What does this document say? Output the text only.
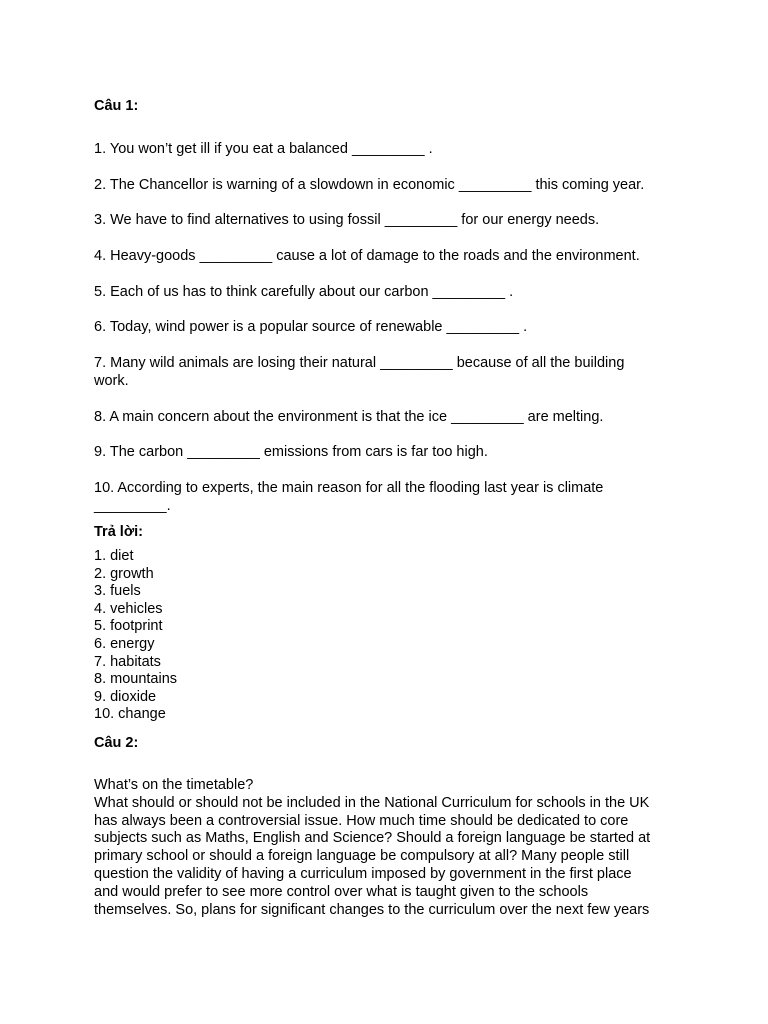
Câu 1:
1. You won’t get ill if you eat a balanced _________ .
2. The Chancellor is warning of a slowdown in economic _________ this coming year.
3. We have to find alternatives to using fossil _________ for our energy needs.
4. Heavy-goods _________ cause a lot of damage to the roads and the environment.
5. Each of us has to think carefully about our carbon _________ .
6. Today, wind power is a popular source of renewable _________ .
7. Many wild animals are losing their natural _________ because of all the building work.
8. A main concern about the environment is that the ice _________ are melting.
9. The carbon _________ emissions from cars is far too high.
10. According to experts, the main reason for all the flooding last year is climate _________.
Trả lời:
1. diet
2. growth
3. fuels
4. vehicles
5. footprint
6. energy
7. habitats
8. mountains
9. dioxide
10. change
Câu 2:
What’s on the timetable?
What should or should not be included in the National Curriculum for schools in the UK
has always been a controversial issue. How much time should be dedicated to core
subjects such as Maths, English and Science? Should a foreign language be started at
primary school or should a foreign language be compulsory at all? Many people still
question the validity of having a curriculum imposed by government in the first place
and would prefer to see more control over what is taught given to the schools
themselves. So, plans for significant changes to the curriculum over the next few years
